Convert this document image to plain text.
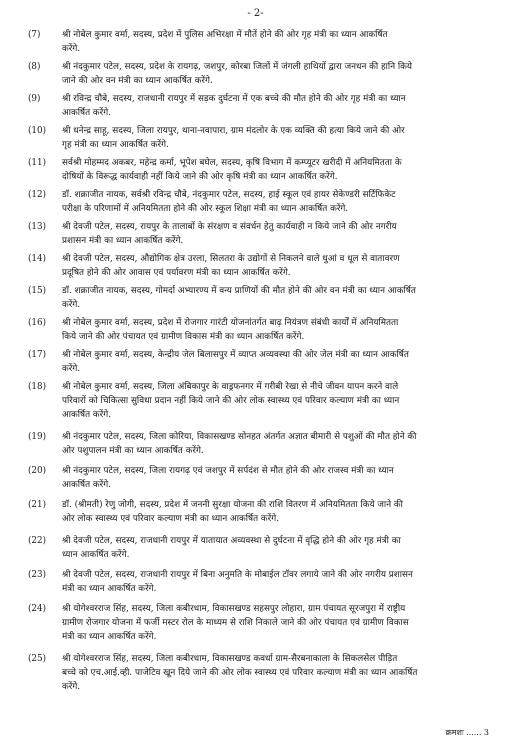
- 2-
(7)	श्री नोबेल कुमार वर्मा, सदस्य, प्रदेश में पुलिस अभिरक्षा में मौतें होने की ओर गृह मंत्री का ध्यान आकर्षित
करेंगे.
(8)	श्री नंदकुमार पटेल, सदस्य, प्रदेश के रायगढ़, जशपुर, कोरबा जिलों में जंगली हाथियों द्वारा जनधन की हानि किये
जाने की ओर वन मंत्री का ध्यान आकर्षित करेंगे.
(9)	श्री रविन्द्र चौबे, सदस्य, राजधानी रायपुर में सड़क दुर्घटना में एक बच्चे की मौत होने की ओर गृह मंत्री का ध्यान
आकर्षित करेंगे.
(10)	श्री धनेन्द्र साहू, सदस्य, जिला रायपुर, थाना-नवापारा, ग्राम मंदलोर के एक व्यक्ति की हत्या किये जाने की ओर
गृह मंत्री का ध्यान आकर्षित करेंगे.
(11)	सर्वश्री मोहम्मद अकबर, महेन्द्र कर्मा, भूपेश बघेल, सदस्य, कृषि विभाग में कम्प्यूटर खरीदी में अनियमितता के
दोषियों के विरूद्ध कार्यवाही नहीं किये जाने की ओर कृषि मंत्री का ध्यान आकर्षित करेंगे.
(12)	डॉ. शक्राजीत नायक, सर्वश्री रविन्द्र चौबे, नंदकुमार पटेल, सदस्य, हाई स्कूल एवं हायर सेकेण्डरी सर्टिफिकेट
परीक्षा के परिणामों में अनियमितता होने की ओर स्कूल शिक्षा मंत्री का ध्यान आकर्षित करेंगे.
(13)	श्री देवजी पटेल, सदस्य, रायपुर के तालाबों के संरक्षण व संवर्धन हेतु कार्यवाही न किये जाने की ओर नगरीय
प्रशासन मंत्री का ध्यान आकर्षित करेंगे.
(14)	श्री देवजी पटेल, सदस्य, औद्योगिक क्षेत्र उरला, सिलतरा के उद्योगों से निकलने वाले धुआं व धूल से वातावरण
प्रदूषित होने की ओर आवास एवं पर्यावरण मंत्री का ध्यान आकर्षित करेंगे.
(15)	डॉ. शक्राजीत नायक, सदस्य, गोमर्दा अभ्यारण्य में वन्य प्राणियों की मौत होने की ओर वन मंत्री का ध्यान आकर्षित
करेंगे.
(16)	श्री नोबेल कुमार वर्मा, सदस्य, प्रदेश में रोजगार गारंटी योजनांतर्गत बाढ़ नियंत्रण संबंधी कार्यों में अनियमितता
किये जाने की ओर पंचायत एवं ग्रामीण विकास मंत्री का ध्यान आकर्षित करेंगे.
(17)	श्री नोबेल कुमार वर्मा, सदस्य, केन्द्रीय जेल बिलासपुर में व्याप्त अव्यवस्था की ओर जेल मंत्री का ध्यान आकर्षित
करेंगे.
(18)	श्री नोबेल कुमार वर्मा, सदस्य, जिला अंबिकापुर के वाड्रफनगर में गरीबी रेखा से नीचे जीवन यापन करने वाले
परिवारों को चिकित्सा सुविधा प्रदान नहीं किये जाने की ओर लोक स्वास्थ्य एवं परिवार कल्याण मंत्री का ध्यान
आकर्षित करेंगे.
(19)	श्री नंदकुमार पटेल, सदस्य, जिला कोरिया, विकासखण्ड सोनहत अंतर्गत अज्ञात बीमारी से पशुओं की मौत होने की
ओर पशुपालन मंत्री का ध्यान आकर्षित करेंगे.
(20)	श्री नंदकुमार पटेल, सदस्य, जिला रायगढ़ एवं जशपुर में सर्पदंश से मौत होने की ओर राजस्व मंत्री का ध्यान
आकर्षित करेंगे.
(21)	डॉ. (श्रीमती) रेणु जोगी, सदस्य, प्रदेश में जननी सुरक्षा योजना की राशि वितरण में अनियमितता किये जाने की
ओर लोक स्वास्थ्य एवं परिवार कल्याण मंत्री का ध्यान आकर्षित करेंगे.
(22)	श्री देवजी पटेल, सदस्य, राजधानी रायपुर में यातायात अव्यवस्था से दुर्घटना में वृद्धि होने की ओर गृह मंत्री का
ध्यान आकर्षित करेंगे.
(23)	श्री देवजी पटेल, सदस्य, राजधानी रायपुर में बिना अनुमति के मोबाईल टॉवर लगाये जाने की ओर नगरीय प्रशासन
मंत्री का ध्यान आकर्षित करेंगे.
(24)	श्री योगेश्वरराज सिंह, सदस्य, जिला कबीरधाम, विकासखण्ड सहसपुर लोहारा, ग्राम पंचायत सूरजपुरा में राष्ट्रीय
ग्रामीण रोजगार योजना में फर्जी मस्टर रोल के माध्यम से राशि निकाले जाने की ओर पंचायत एवं ग्रामीण विकास
मंत्री का ध्यान आकर्षित करेंगे.
(25)	श्री योगेश्वरराज सिंह, सदस्य, जिला कबीरधाम, विकासखण्ड कवर्धा ग्राम-सैरबनाकाला के सिकलसेल पीड़ित
बच्चे को एच.आई.व्ही. पाजेटिव खून दिये जाने की ओर लोक स्वास्थ्य एवं परिवार कल्याण मंत्री का ध्यान आकर्षित
करेंगे.
क्रमशः ...... 3
